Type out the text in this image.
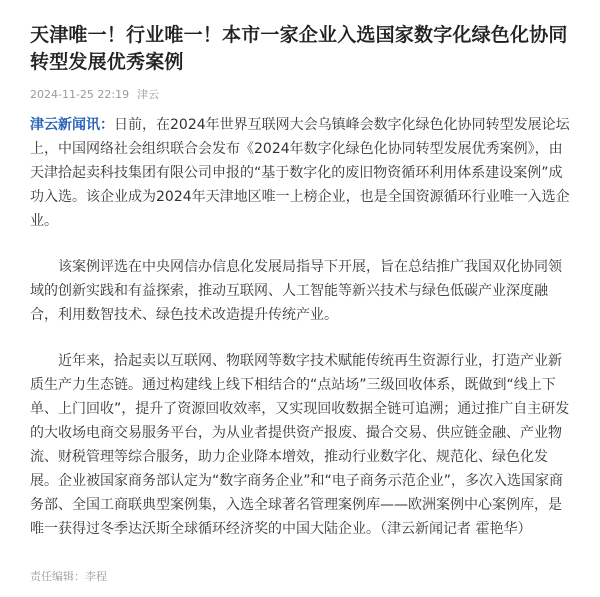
天津唯一！行业唯一！本市一家企业入选国家数字化绿色化协同转型发展优秀案例
2024-11-25 22:19 津云

津云新闻讯：日前，在2024年世界互联网大会乌镇峰会数字化绿色化协同转型发展论坛上，中国网络社会组织联合会发布《2024年数字化绿色化协同转型发展优秀案例》，由天津拾起卖科技集团有限公司申报的“基于数字化的废旧物资循环利用体系建设案例”成功入选。该企业成为2024年天津地区唯一上榜企业，也是全国资源循环行业唯一入选企业。

该案例评选在中央网信办信息化发展局指导下开展，旨在总结推广我国双化协同领域的创新实践和有益探索，推动互联网、人工智能等新兴技术与绿色低碳产业深度融合，利用数智技术、绿色技术改造提升传统产业。

近年来，拾起卖以互联网、物联网等数字技术赋能传统再生资源行业，打造产业新质生产力生态链。通过构建线上线下相结合的“点站场”三级回收体系，既做到“线上下单、上门回收”，提升了资源回收效率，又实现回收数据全链可追溯；通过推广自主研发的大收场电商交易服务平台，为从业者提供资产报废、撮合交易、供应链金融、产业物流、财税管理等综合服务，助力企业降本增效，推动行业数字化、规范化、绿色化发展。企业被国家商务部认定为“数字商务企业”和“电子商务示范企业”，多次入选国家商务部、全国工商联典型案例集，入选全球著名管理案例库——欧洲案例中心案例库，是唯一获得过冬季达沃斯全球循环经济奖的中国大陆企业。（津云新闻记者 霍艳华）

责任编辑：李程
